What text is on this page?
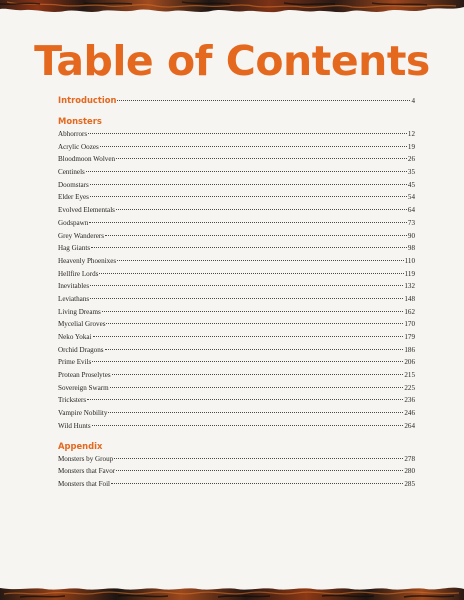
Table of Contents
Introduction	4
Monsters
Abhorrors	12
Acrylic Oozes	19
Bloodmoon Wolven	26
Centinels	35
Doomstars	45
Elder Eyes	54
Evolved Elementals	64
Godspawn	73
Grey Wanderers	90
Hag Giants	98
Heavenly Phoenixes	110
Hellfire Lords	119
Inevitables	132
Leviathans	148
Living Dreams	162
Mycelial Groves	170
Neko Yokai	179
Orchid Dragons	186
Prime Evils	206
Protean Proselytes	215
Sovereign Swarm	225
Tricksters	236
Vampire Nobility	246
Wild Hunts	264
Appendix
Monsters by Group	278
Monsters that Favor	280
Monsters that Foil	285
